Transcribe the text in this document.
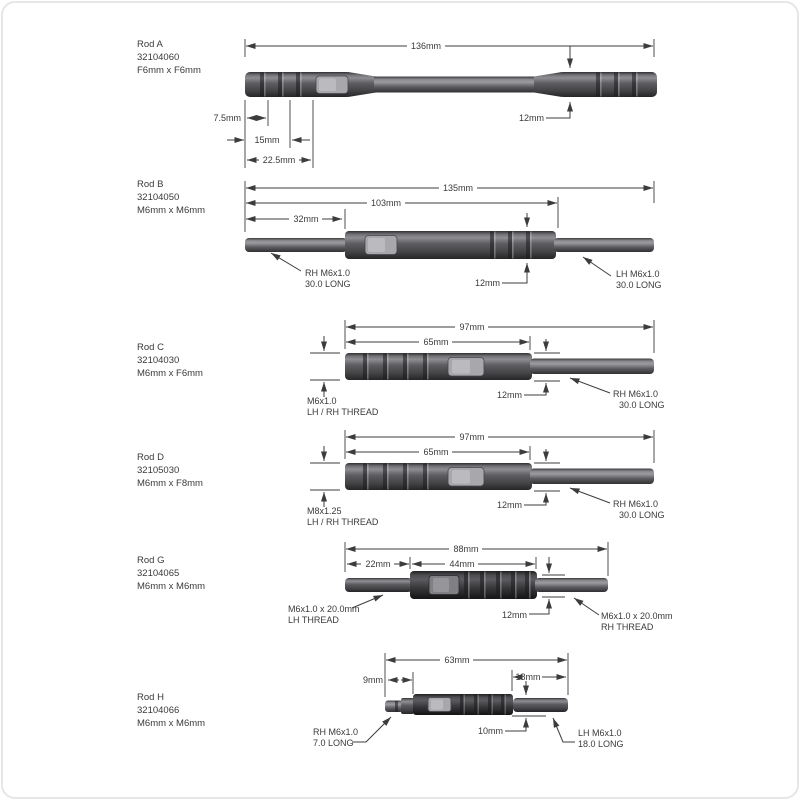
Rod A
32104060
F6mm x F6mm
136mm
7.5mm
15mm
22.5mm
12mm
Rod B
32104050
M6mm x M6mm
135mm
103mm
32mm
12mm
RH M6x1.0
30.0 LONG
LH M6x1.0
30.0 LONG
Rod C
32104030
M6mm x F6mm
97mm
65mm
M6x1.0
LH / RH THREAD
12mm	RH M6x1.0
30.0 LONG
Rod D
32105030
M6mm x F8mm
97mm
65mm
M8x1.25
LH / RH THREAD
12mm	RH M6x1.0
30.0 LONG
Rod G
32104065
M6mm x M6mm
88mm
22mm	44mm
12mm
M6x1.0 x 20.0mm
LH THREAD	M6x1.0 x 20.0mm
RH THREAD
Rod H
32104066
M6mm x M6mm
63mm
9mm	18mm
10mm
RH M6x1.0
7.0 LONG
LH M6x1.0
18.0 LONG
